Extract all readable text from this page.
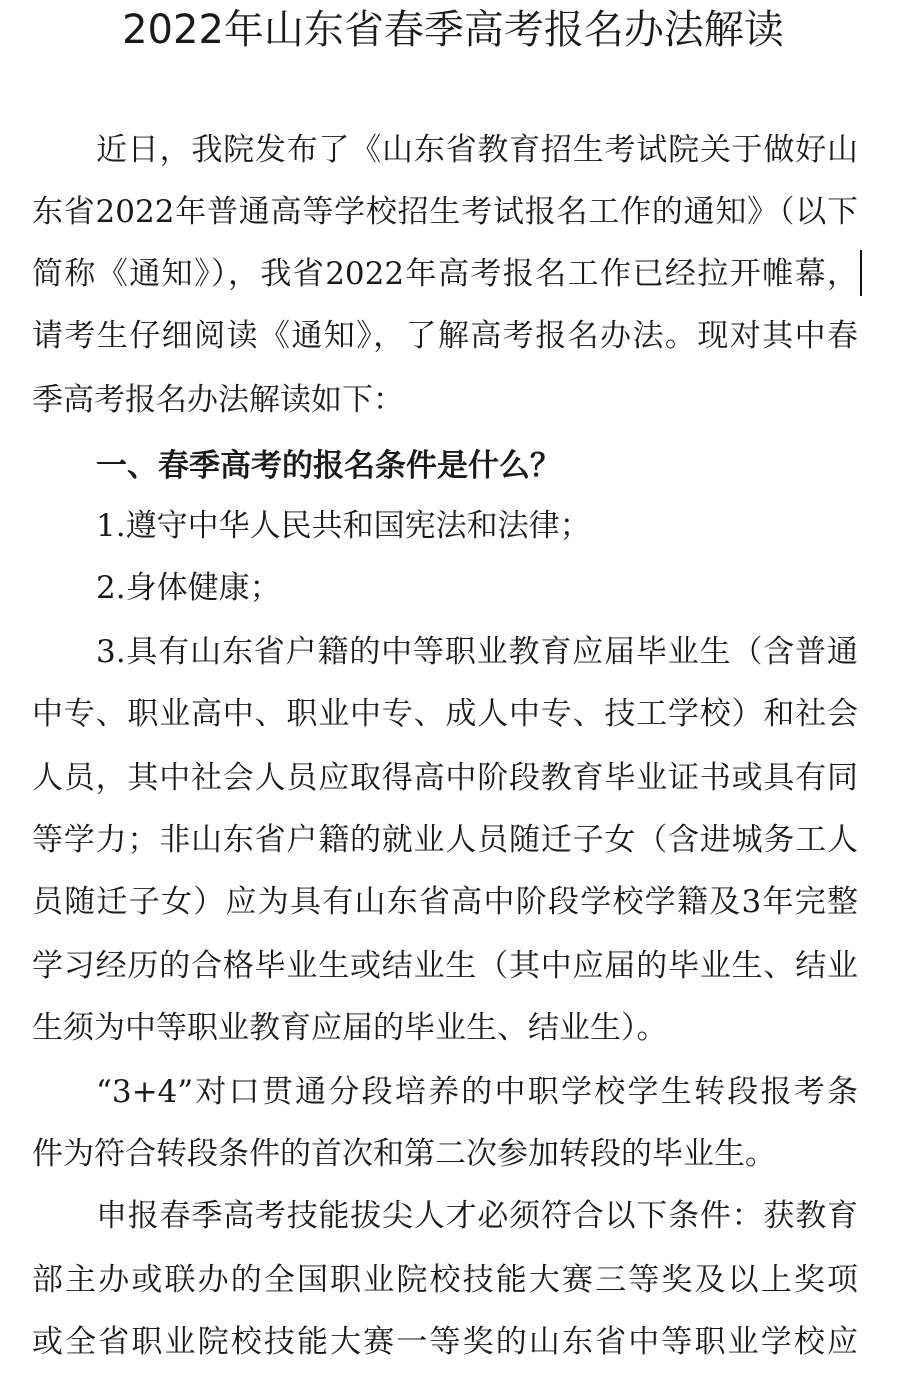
2022年山东省春季高考报名办法解读
近日，我院发布了《山东省教育招生考试院关于做好山
东省2022年普通高等学校招生考试报名工作的通知》（以下
简称《通知》），我省2022年高考报名工作已经拉开帷幕，
请考生仔细阅读《通知》，了解高考报名办法。现对其中春
季高考报名办法解读如下：
1.遵守中华人民共和国宪法和法律；
2.身体健康；
3.具有山东省户籍的中等职业教育应届毕业生（含普通
中专、职业高中、职业中专、成人中专、技工学校）和社会
人员，其中社会人员应取得高中阶段教育毕业证书或具有同
等学力；非山东省户籍的就业人员随迁子女（含进城务工人
员随迁子女）应为具有山东省高中阶段学校学籍及3年完整
学习经历的合格毕业生或结业生（其中应届的毕业生、结业
生须为中等职业教育应届的毕业生、结业生）。
“3+4”对口贯通分段培养的中职学校学生转段报考条
件为符合转段条件的首次和第二次参加转段的毕业生。
申报春季高考技能拔尖人才必须符合以下条件：获教育
部主办或联办的全国职业院校技能大赛三等奖及以上奖项
或全省职业院校技能大赛一等奖的山东省中等职业学校应
一、春季高考的报名条件是什么？
